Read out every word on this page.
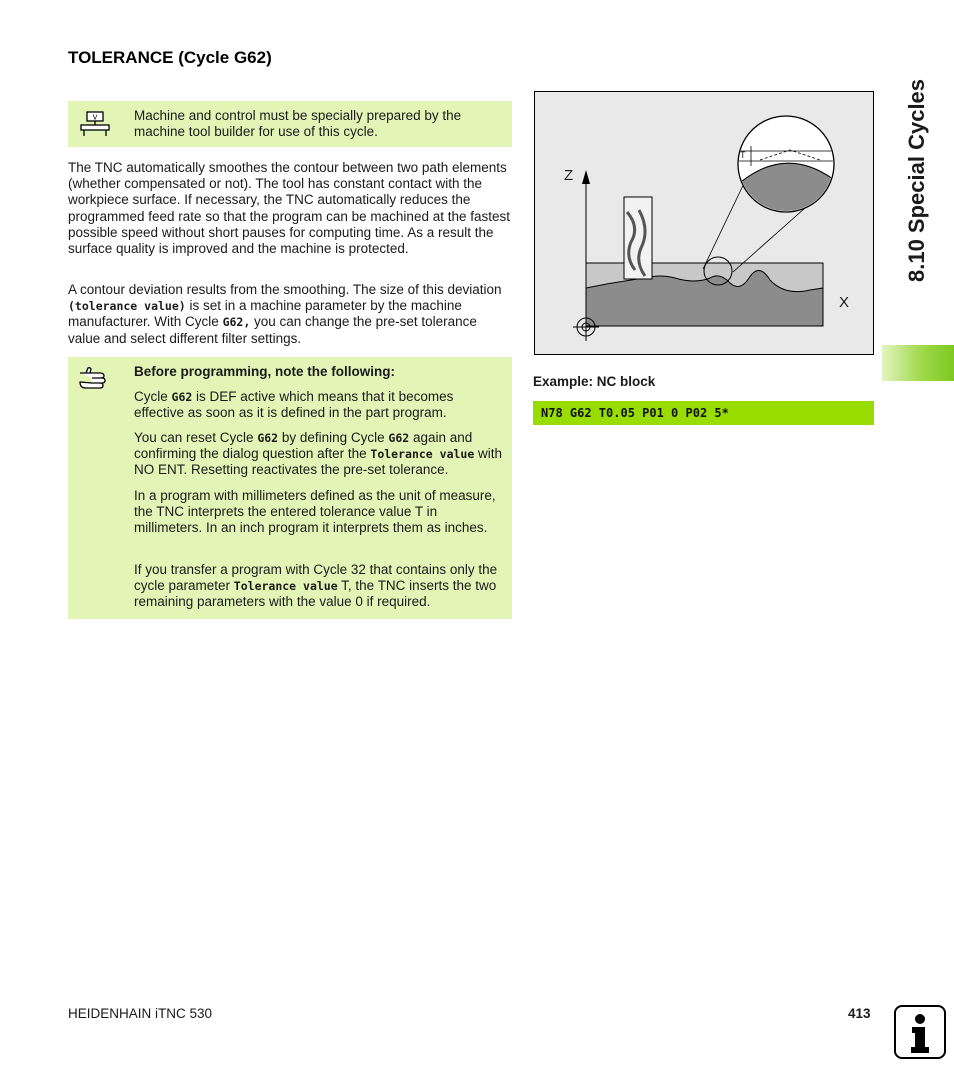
TOLERANCE (Cycle G62)
V	Machine and control must be specially prepared by the machine tool builder for use of this cycle.

The TNC automatically smoothes the contour between two path elements (whether compensated or not). The tool has constant contact with the workpiece surface. If necessary, the TNC automatically reduces the programmed feed rate so that the program can be machined at the fastest possible speed without short pauses for computing time. As a result the surface quality is improved and the machine is protected.

A contour deviation results from the smoothing. The size of this deviation (tolerance value) is set in a machine parameter by the machine manufacturer. With Cycle G62, you can change the pre-set tolerance value and select different filter settings.

Before programming, note the following:
Cycle G62 is DEF active which means that it becomes effective as soon as it is defined in the part program.
You can reset Cycle G62 by defining Cycle G62 again and confirming the dialog question after the Tolerance value with NO ENT. Resetting reactivates the pre-set tolerance.
In a program with millimeters defined as the unit of measure, the TNC interprets the entered tolerance value T in millimeters. In an inch program it interprets them as inches.
If you transfer a program with Cycle 32 that contains only the cycle parameter Tolerance value T, the TNC inserts the two remaining parameters with the value 0 if required.
Z
X
T
Example: NC block
N78 G62 T0.05 P01 0 P02 5*
8.10 Special Cycles
HEIDENHAIN iTNC 530	413
